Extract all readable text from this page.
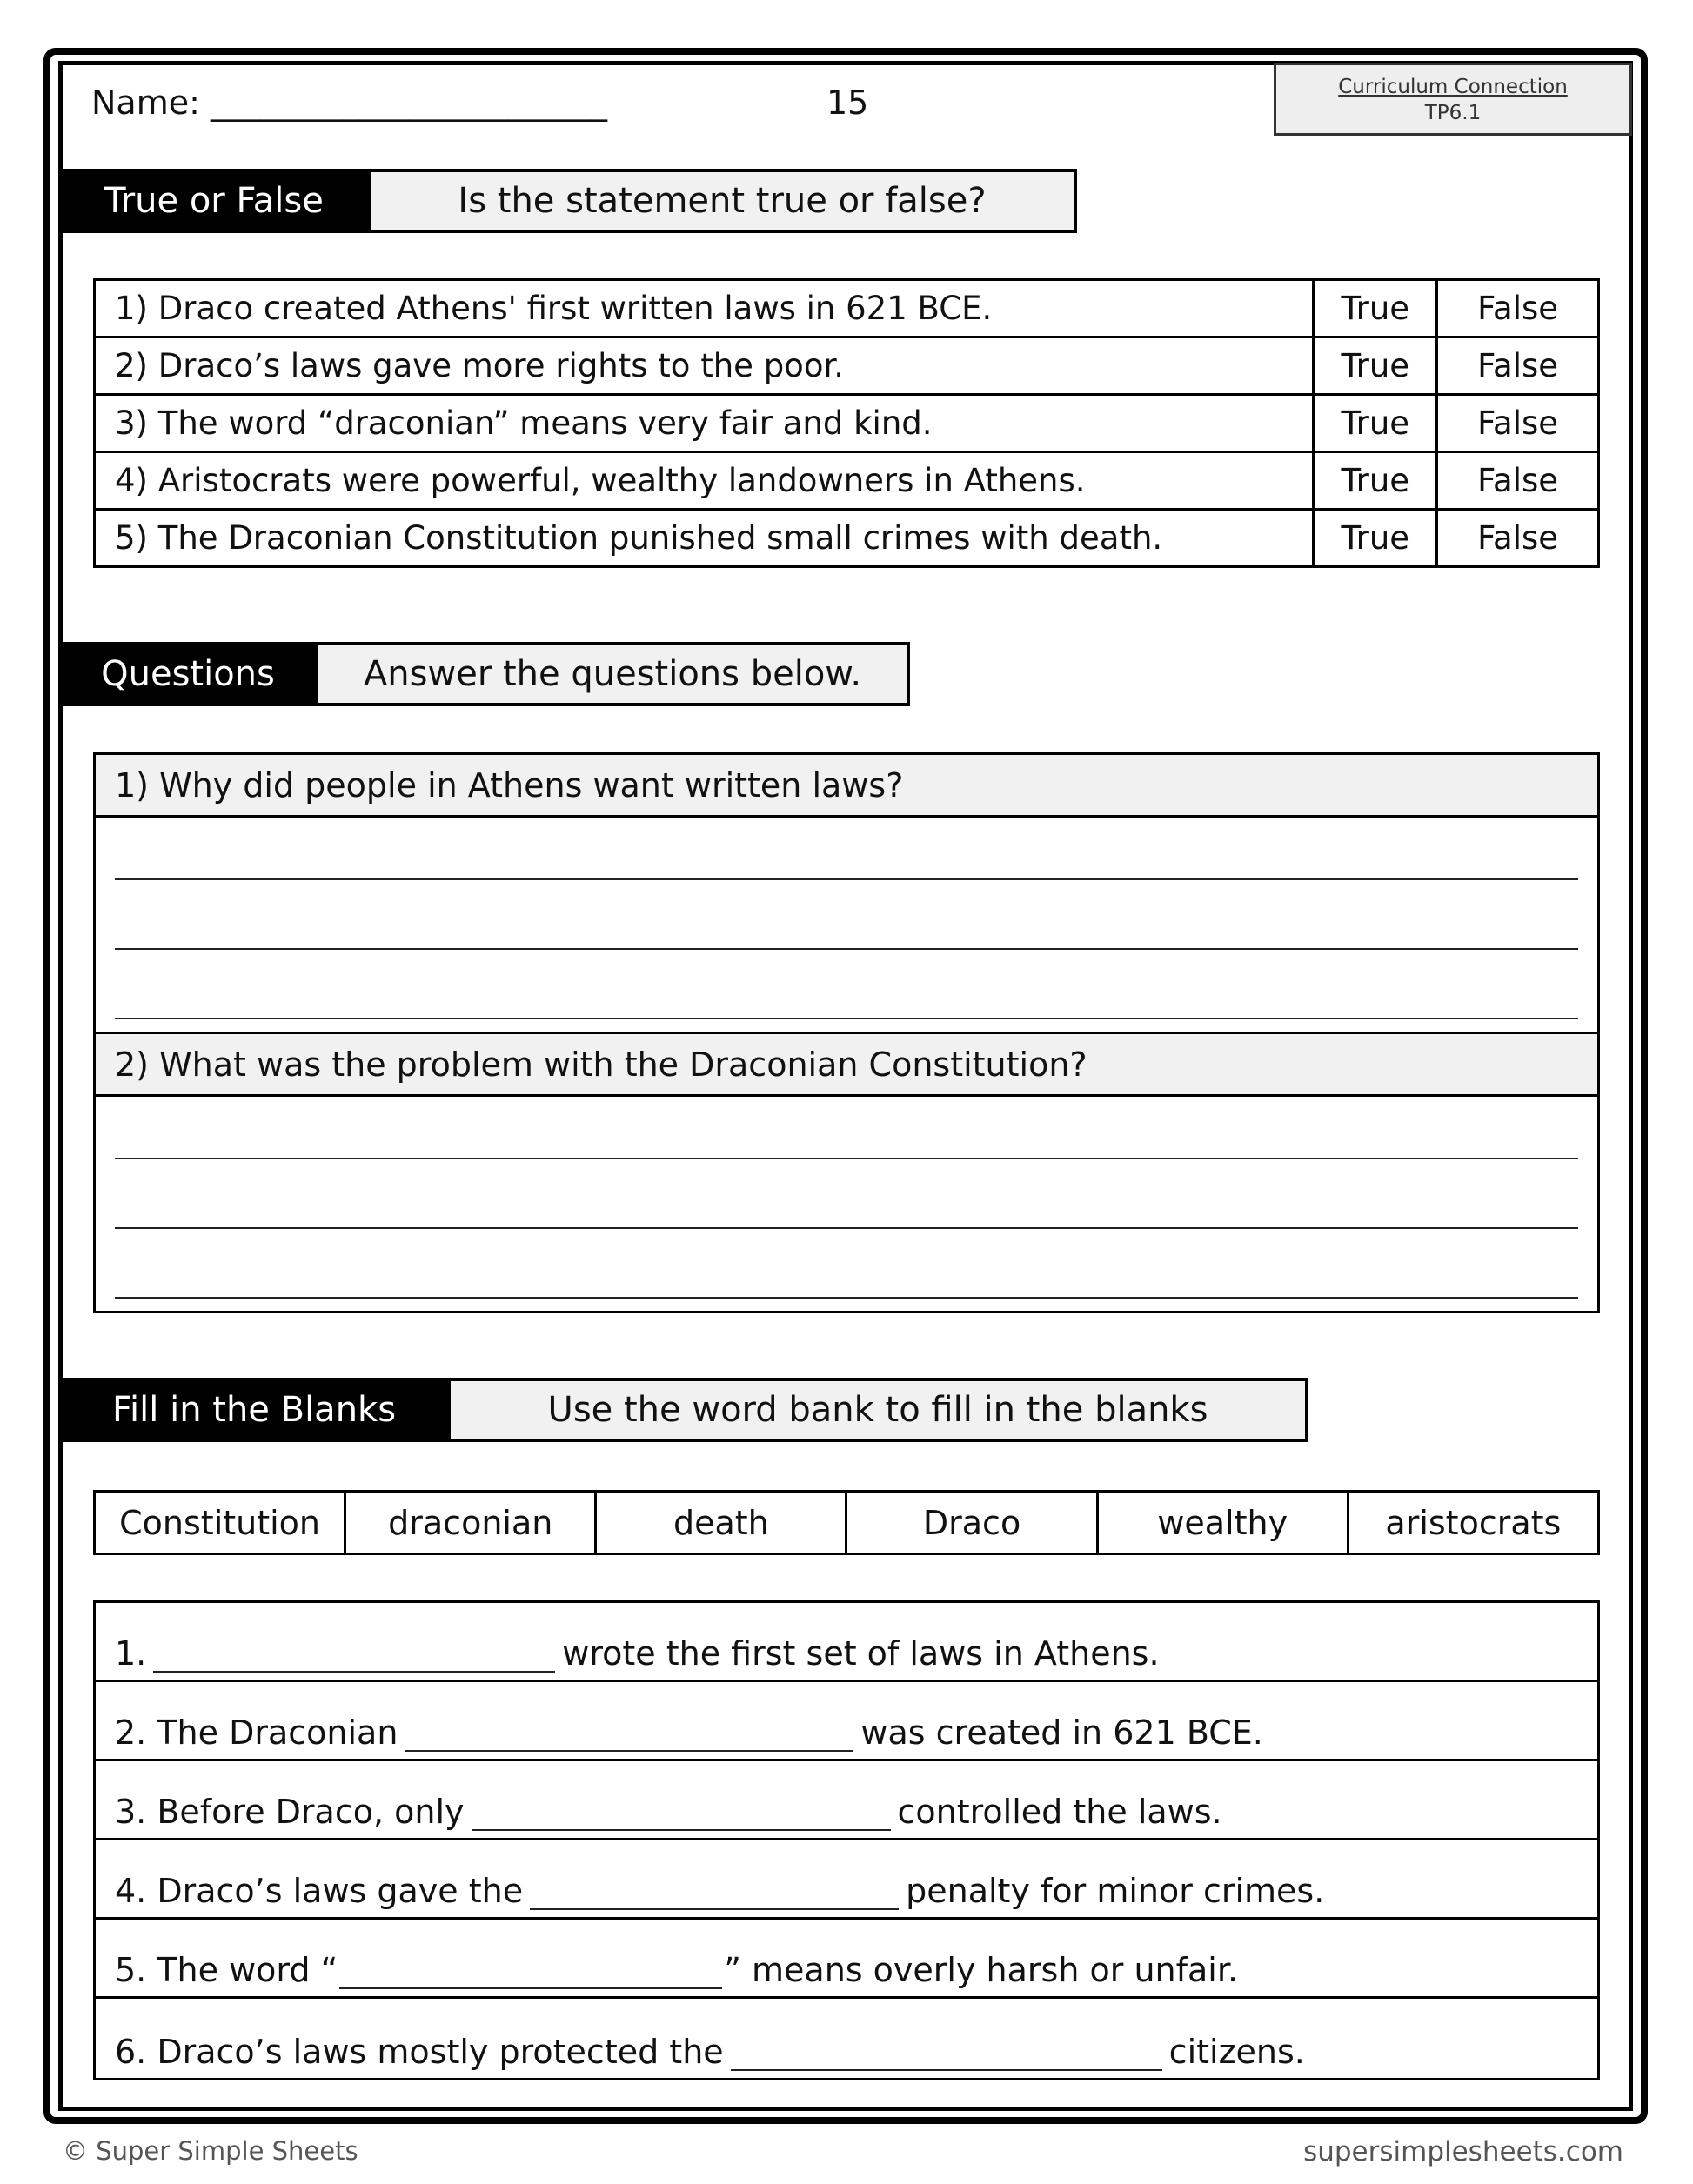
Name: ________________________	15	Curriculum Connection
TP6.1
True or False	Is the statement true or false?
1) Draco created Athens' first written laws in 621 BCE.	True	False
2) Draco’s laws gave more rights to the poor.	True	False
3) The word “draconian” means very fair and kind.	True	False
4) Aristocrats were powerful, wealthy landowners in Athens.	True	False
5) The Draconian Constitution punished small crimes with death.	True	False
Questions	Answer the questions below.
1) Why did people in Athens want written laws?
2) What was the problem with the Draconian Constitution?
Fill in the Blanks	Use the word bank to fill in the blanks
Constitution	draconian	death	Draco	wealthy	aristocrats
1.	wrote the first set of laws in Athens.
2. The Draconian	was created in 621 BCE.
3. Before Draco, only	controlled the laws.
4. Draco’s laws gave the	penalty for minor crimes.
5. The word “	” means overly harsh or unfair.
6. Draco’s laws mostly protected the	citizens.
© Super Simple Sheets	supersimplesheets.com
